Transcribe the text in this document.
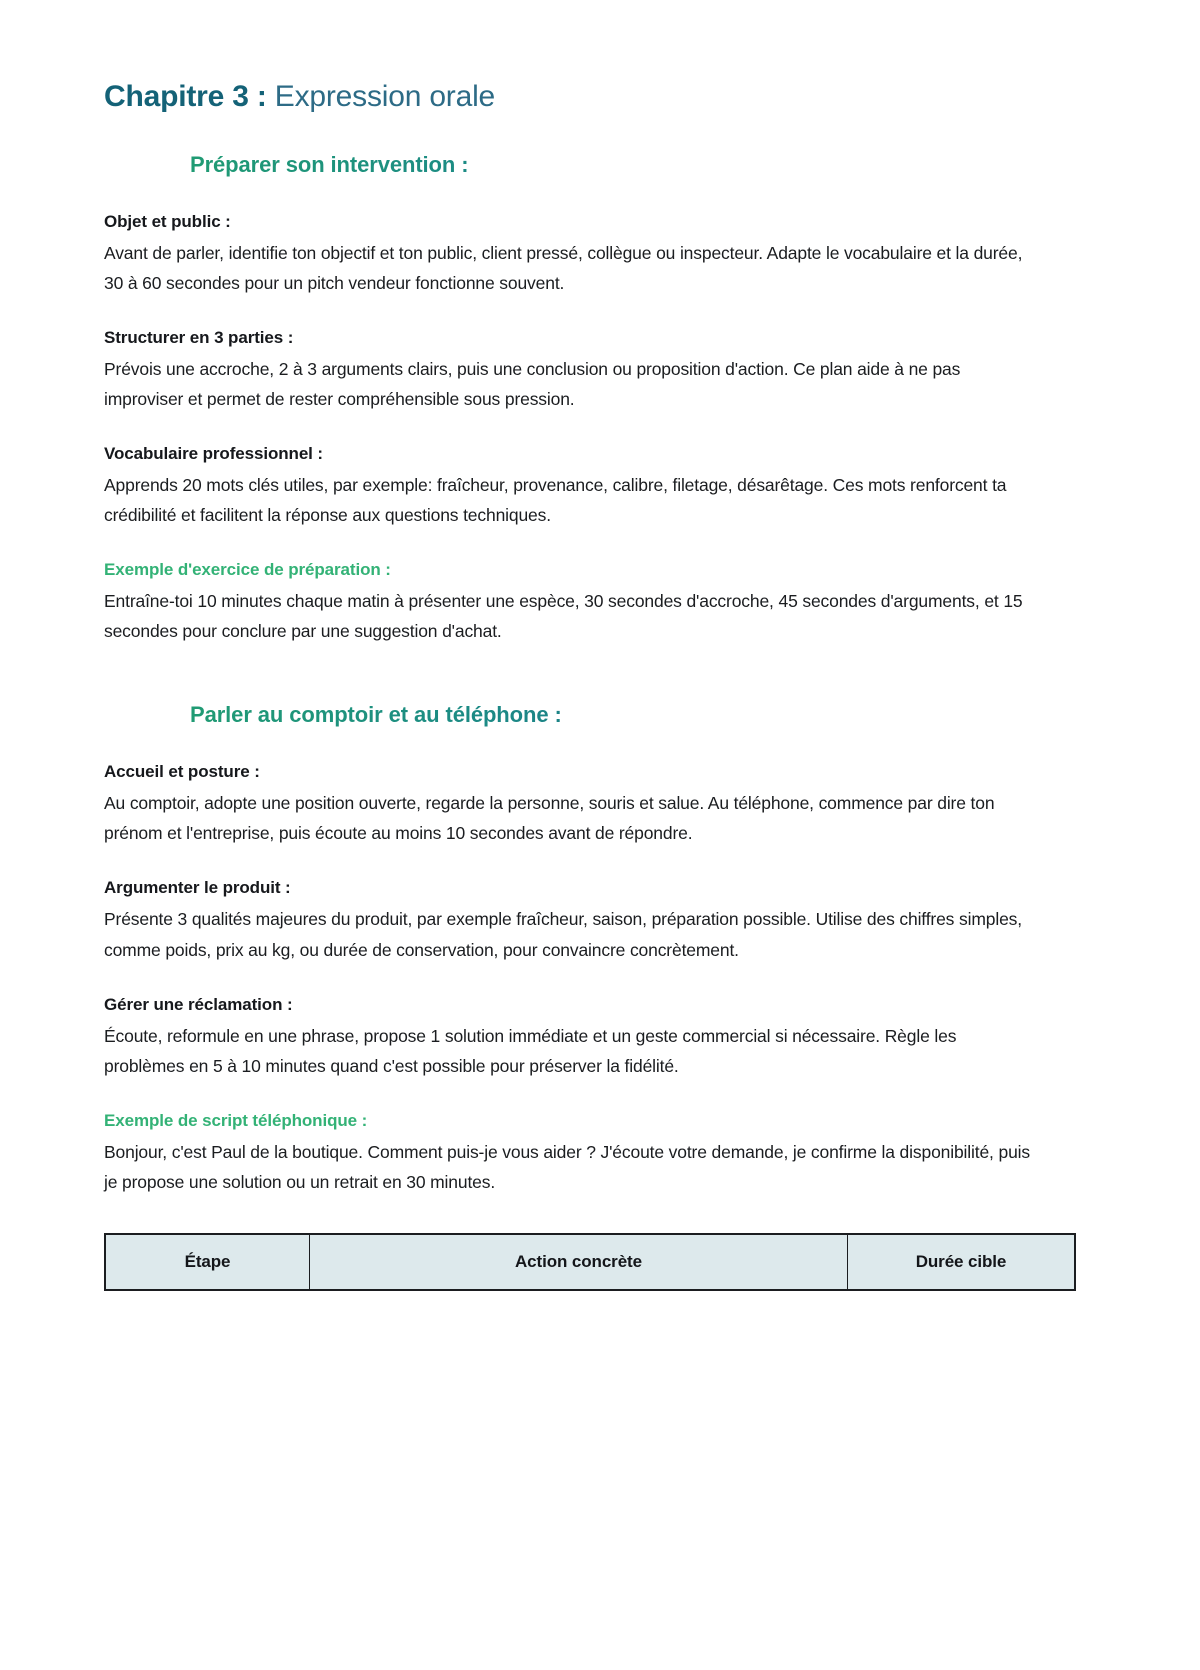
Chapitre 3 : Expression orale
1. Préparer son intervention :
Objet et public :

Avant de parler, identifie ton objectif et ton public, client pressé, collègue ou inspecteur. Adapte le vocabulaire et la durée, 30 à 60 secondes pour un pitch vendeur fonctionne souvent.

Structurer en 3 parties :

Prévois une accroche, 2 à 3 arguments clairs, puis une conclusion ou proposition d'action. Ce plan aide à ne pas improviser et permet de rester compréhensible sous pression.

Vocabulaire professionnel :

Apprends 20 mots clés utiles, par exemple: fraîcheur, provenance, calibre, filetage, désarêtage. Ces mots renforcent ta crédibilité et facilitent la réponse aux questions techniques.

Exemple d'exercice de préparation :

Entraîne-toi 10 minutes chaque matin à présenter une espèce, 30 secondes d'accroche, 45 secondes d'arguments, et 15 secondes pour conclure par une suggestion d'achat.

2. Parler au comptoir et au téléphone :
Accueil et posture :

Au comptoir, adopte une position ouverte, regarde la personne, souris et salue. Au téléphone, commence par dire ton prénom et l'entreprise, puis écoute au moins 10 secondes avant de répondre.

Argumenter le produit :

Présente 3 qualités majeures du produit, par exemple fraîcheur, saison, préparation possible. Utilise des chiffres simples, comme poids, prix au kg, ou durée de conservation, pour convaincre concrètement.

Gérer une réclamation :

Écoute, reformule en une phrase, propose 1 solution immédiate et un geste commercial si nécessaire. Règle les problèmes en 5 à 10 minutes quand c'est possible pour préserver la fidélité.

Exemple de script téléphonique :

Bonjour, c'est Paul de la boutique. Comment puis-je vous aider ? J'écoute votre demande, je confirme la disponibilité, puis je propose une solution ou un retrait en 30 minutes.

Étape	Action concrète	Durée cible
